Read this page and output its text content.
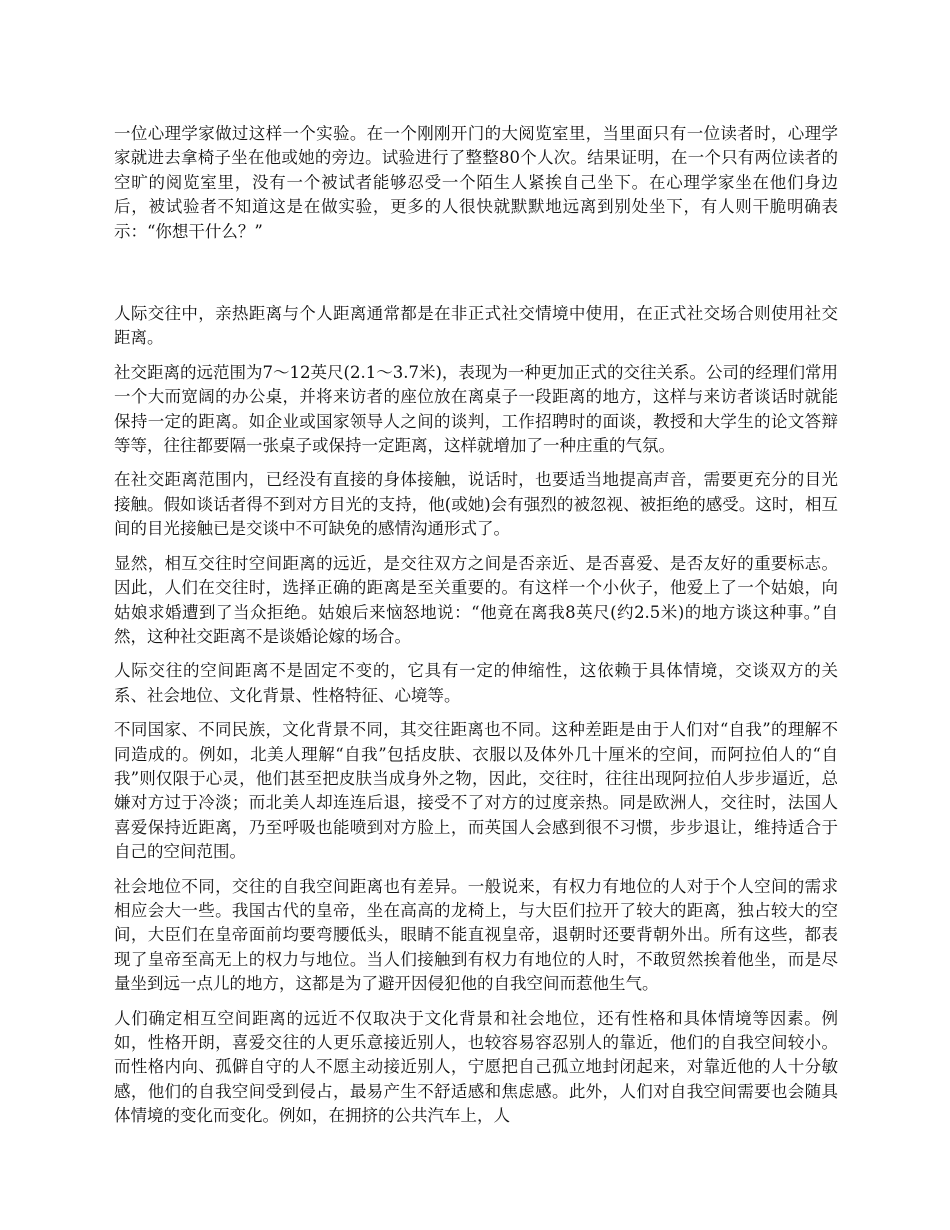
一位心理学家做过这样一个实验。在一个刚刚开门的大阅览室里，当里面只有一位读者时，心理学家就进去拿椅子坐在他或她的旁边。试验进行了整整80个人次。结果证明，在一个只有两位读者的空旷的阅览室里，没有一个被试者能够忍受一个陌生人紧挨自己坐下。在心理学家坐在他们身边后，被试验者不知道这是在做实验，更多的人很快就默默地远离到别处坐下，有人则干脆明确表示：“你想干什么？”

人际交往中，亲热距离与个人距离通常都是在非正式社交情境中使用，在正式社交场合则使用社交距离。

社交距离的远范围为7～12英尺(2.1～3.7米)，表现为一种更加正式的交往关系。公司的经理们常用一个大而宽阔的办公桌，并将来访者的座位放在离桌子一段距离的地方，这样与来访者谈话时就能保持一定的距离。如企业或国家领导人之间的谈判，工作招聘时的面谈，教授和大学生的论文答辩等等，往往都要隔一张桌子或保持一定距离，这样就增加了一种庄重的气氛。

在社交距离范围内，已经没有直接的身体接触，说话时，也要适当地提高声音，需要更充分的目光接触。假如谈话者得不到对方目光的支持，他(或她)会有强烈的被忽视、被拒绝的感受。这时，相互间的目光接触已是交谈中不可缺免的感情沟通形式了。

显然，相互交往时空间距离的远近，是交往双方之间是否亲近、是否喜爱、是否友好的重要标志。因此，人们在交往时，选择正确的距离是至关重要的。有这样一个小伙子，他爱上了一个姑娘，向姑娘求婚遭到了当众拒绝。姑娘后来恼怒地说：“他竟在离我8英尺(约2.5米)的地方谈这种事。”自然，这种社交距离不是谈婚论嫁的场合。

人际交往的空间距离不是固定不变的，它具有一定的伸缩性，这依赖于具体情境，交谈双方的关系、社会地位、文化背景、性格特征、心境等。

不同国家、不同民族，文化背景不同，其交往距离也不同。这种差距是由于人们对“自我”的理解不同造成的。例如，北美人理解“自我”包括皮肤、衣服以及体外几十厘米的空间，而阿拉伯人的“自我”则仅限于心灵，他们甚至把皮肤当成身外之物，因此，交往时，往往出现阿拉伯人步步逼近，总嫌对方过于冷淡；而北美人却连连后退，接受不了对方的过度亲热。同是欧洲人，交往时，法国人喜爱保持近距离，乃至呼吸也能喷到对方脸上，而英国人会感到很不习惯，步步退让，维持适合于自己的空间范围。

社会地位不同，交往的自我空间距离也有差异。一般说来，有权力有地位的人对于个人空间的需求相应会大一些。我国古代的皇帝，坐在高高的龙椅上，与大臣们拉开了较大的距离，独占较大的空间，大臣们在皇帝面前均要弯腰低头，眼睛不能直视皇帝，退朝时还要背朝外出。所有这些，都表现了皇帝至高无上的权力与地位。当人们接触到有权力有地位的人时，不敢贸然挨着他坐，而是尽量坐到远一点儿的地方，这都是为了避开因侵犯他的自我空间而惹他生气。

人们确定相互空间距离的远近不仅取决于文化背景和社会地位，还有性格和具体情境等因素。例如，性格开朗，喜爱交往的人更乐意接近别人，也较容易容忍别人的靠近，他们的自我空间较小。而性格内向、孤僻自守的人不愿主动接近别人，宁愿把自己孤立地封闭起来，对靠近他的人十分敏感，他们的自我空间受到侵占，最易产生不舒适感和焦虑感。此外，人们对自我空间需要也会随具体情境的变化而变化。例如，在拥挤的公共汽车上，人
